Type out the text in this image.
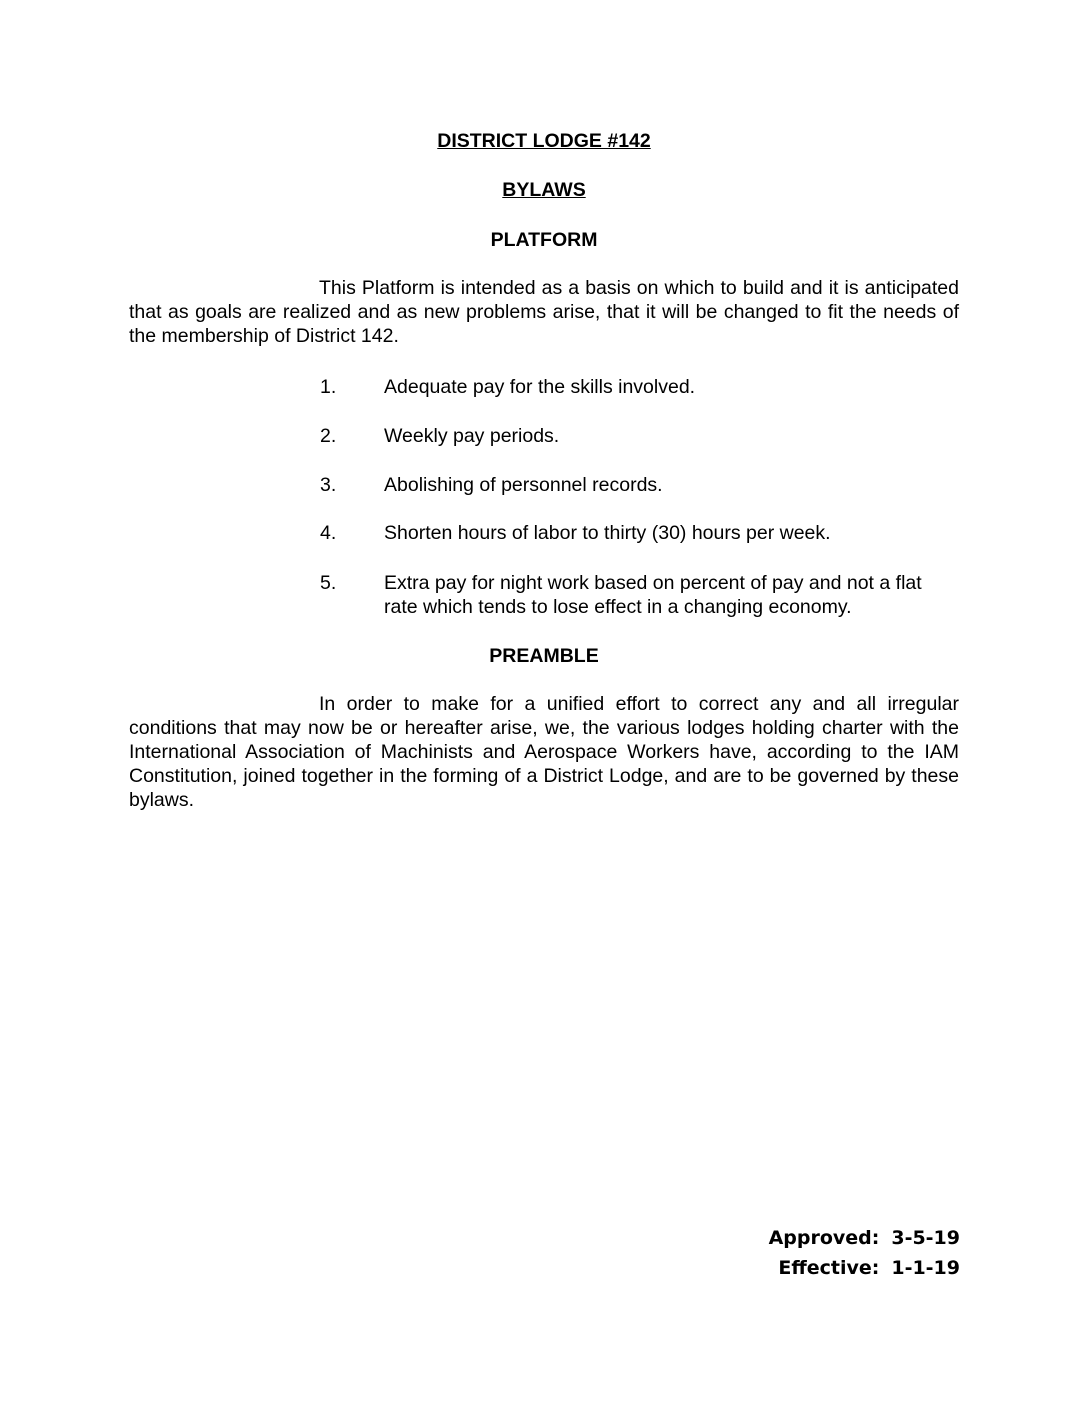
DISTRICT LODGE #142
BYLAWS
PLATFORM

This Platform is intended as a basis on which to build and it is anticipated that as goals are realized and as new problems arise, that it will be changed to fit the needs of the membership of District 142.

1.	Adequate pay for the skills involved.
2.	Weekly pay periods.
3.	Abolishing of personnel records.
4.	Shorten hours of labor to thirty (30) hours per week.
5.	Extra pay for night work based on percent of pay and not a flat rate which tends to lose effect in a changing economy.
PREAMBLE

In order to make for a unified effort to correct any and all irregular conditions that may now be or hereafter arise, we, the various lodges holding charter with the International Association of Machinists and Aerospace Workers have, according to the IAM Constitution, joined together in the forming of a District Lodge, and are to be governed by these bylaws.

Approved: 3-5-19
Effective: 1-1-19
